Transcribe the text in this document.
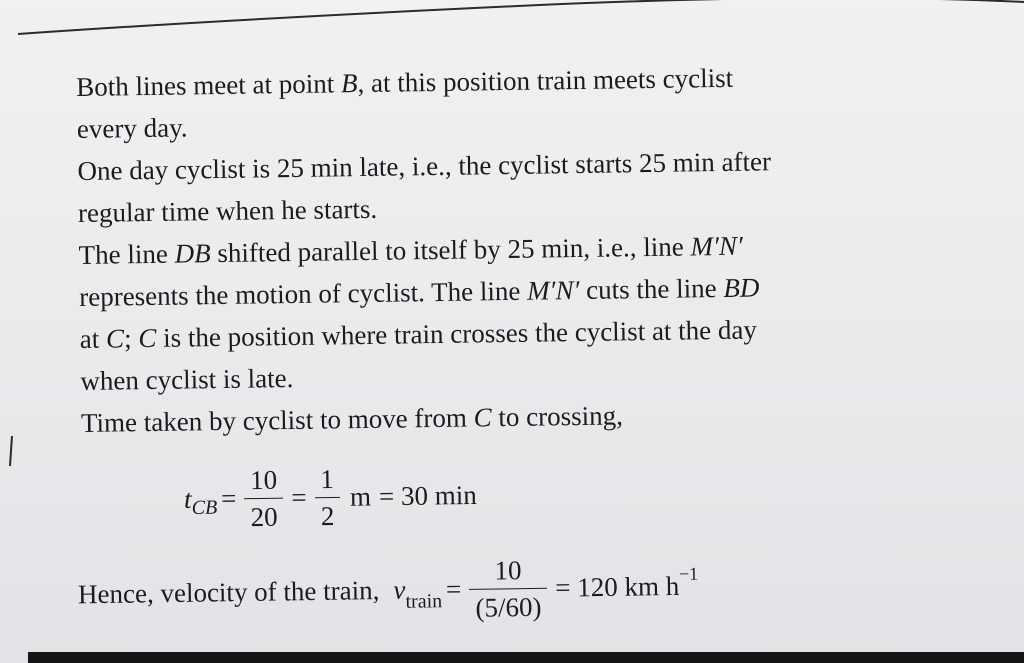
Both lines meet at point B, at this position train meets cyclist
every day.
One day cyclist is 25 min late, i.e., the cyclist starts 25 min after
regular time when he starts.
The line DB shifted parallel to itself by 25 min, i.e., line M′N′
represents the motion of cyclist. The line M′N′ cuts the line BD
at C; C is the position where train crosses the cyclist at the day
when cyclist is late.
Time taken by cyclist to move from C to crossing,
t CB = $\frac{10}{20} = \frac{1}{2}$ m = 30 min
Hence, velocity of the train, $v_{train} = \frac{10}{(5/60)} = 120$ km h −1
